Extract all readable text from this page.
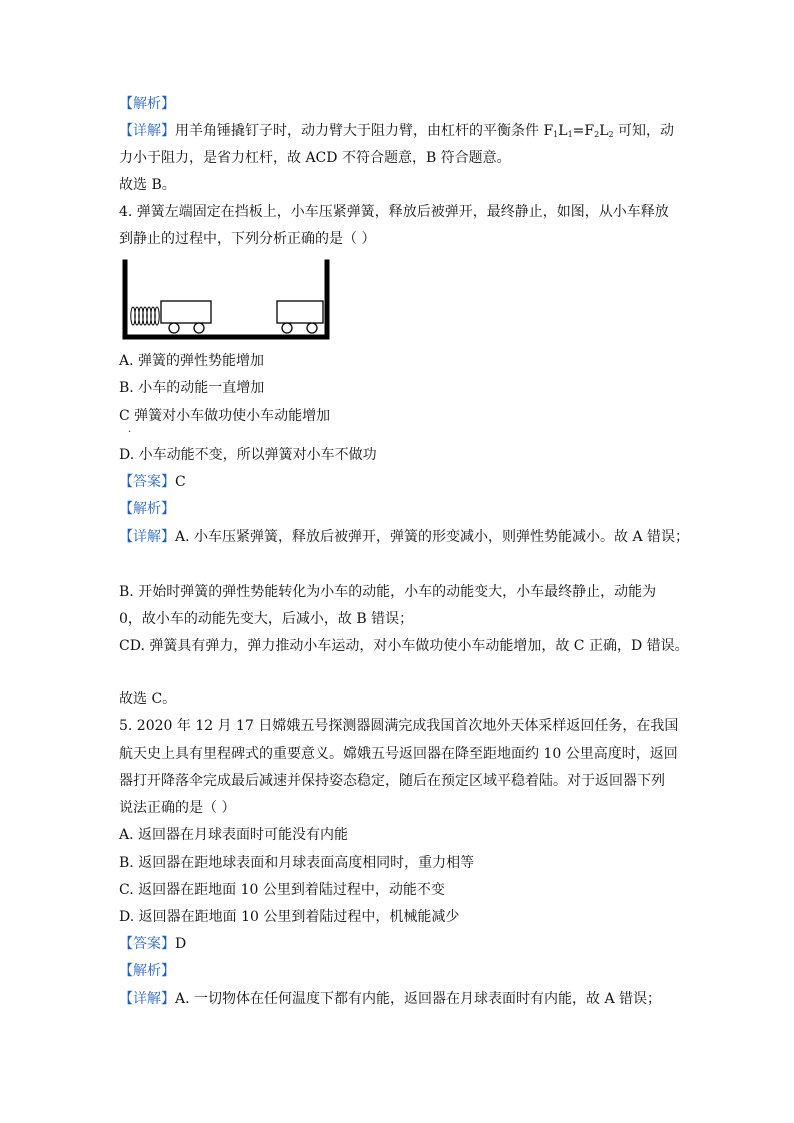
【解析】
【详解】用羊角锤撬钉子时，动力臂大于阻力臂，由杠杆的平衡条件 $F_1L_1=F_2L_2$ 可知，动
力小于阻力，是省力杠杆，故 ACD 不符合题意，B 符合题意。
故选 B。
4. 弹簧左端固定在挡板上，小车压紧弹簧，释放后被弹开，最终静止，如图，从小车释放
到静止的过程中，下列分析正确的是（ ）
A. 弹簧的弹性势能增加
B. 小车的动能一直增加
C 弹簧对小车做功使小车动能增加
.
D. 小车动能不变，所以弹簧对小车不做功
【答案】C
【解析】
【详解】A. 小车压紧弹簧，释放后被弹开，弹簧的形变减小，则弹性势能减小。故 A 错误；
B. 开始时弹簧的弹性势能转化为小车的动能，小车的动能变大，小车最终静止，动能为
0，故小车的动能先变大，后减小，故 B 错误；
CD. 弹簧具有弹力，弹力推动小车运动，对小车做功使小车动能增加，故 C 正确，D 错误。
故选 C。
5. 2020 年 12 月 17 日嫦娥五号探测器圆满完成我国首次地外天体采样返回任务，在我国
航天史上具有里程碑式的重要意义。嫦娥五号返回器在降至距地面约 10 公里高度时，返回
器打开降落伞完成最后减速并保持姿态稳定，随后在预定区域平稳着陆。对于返回器下列
说法正确的是（ ）
A. 返回器在月球表面时可能没有内能
B. 返回器在距地球表面和月球表面高度相同时，重力相等
C. 返回器在距地面 10 公里到着陆过程中，动能不变
D. 返回器在距地面 10 公里到着陆过程中，机械能减少
【答案】D
【解析】
【详解】A. 一切物体在任何温度下都有内能，返回器在月球表面时有内能，故 A 错误；
